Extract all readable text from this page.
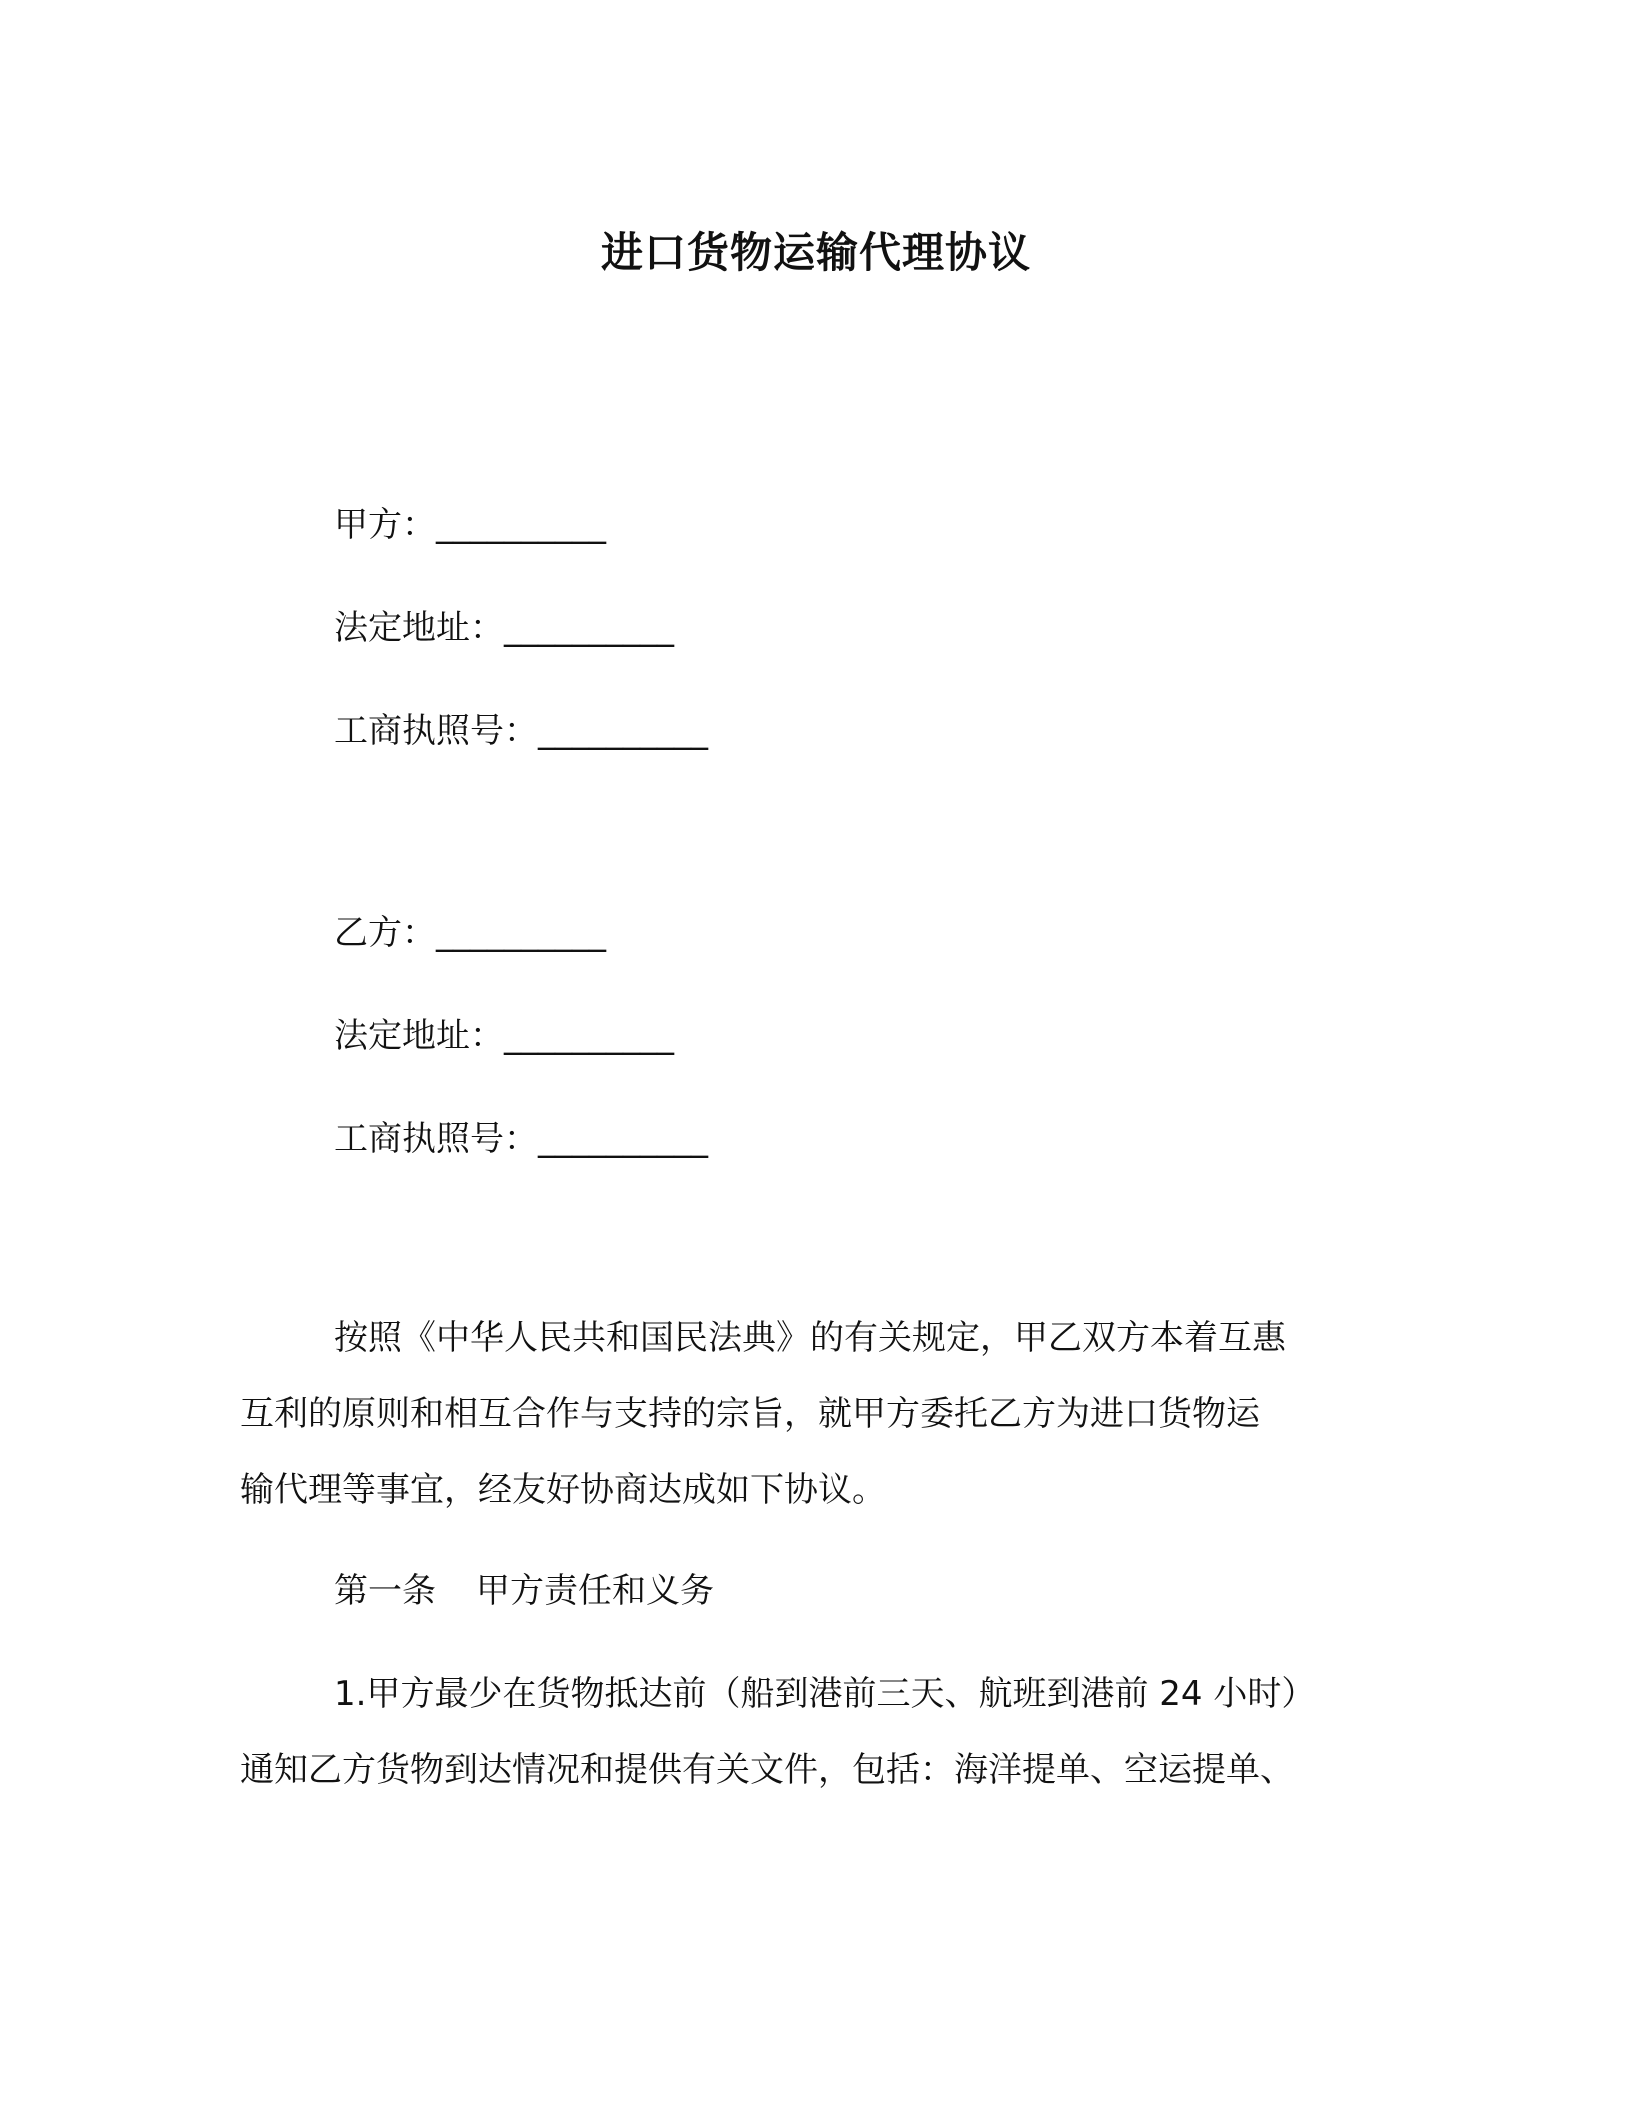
进口货物运输代理协议
甲方：__________
法定地址：__________
工商执照号：__________
乙方：__________
法定地址：__________
工商执照号：__________
按照《中华人民共和国民法典》的有关规定，甲乙双方本着互惠
互利的原则和相互合作与支持的宗旨，就甲方委托乙方为进口货物运
输代理等事宜，经友好协商达成如下协议。
第一条 甲方责任和义务
1.甲方最少在货物抵达前（船到港前三天、航班到港前 24 小时）
通知乙方货物到达情况和提供有关文件，包括：海洋提单、空运提单、
